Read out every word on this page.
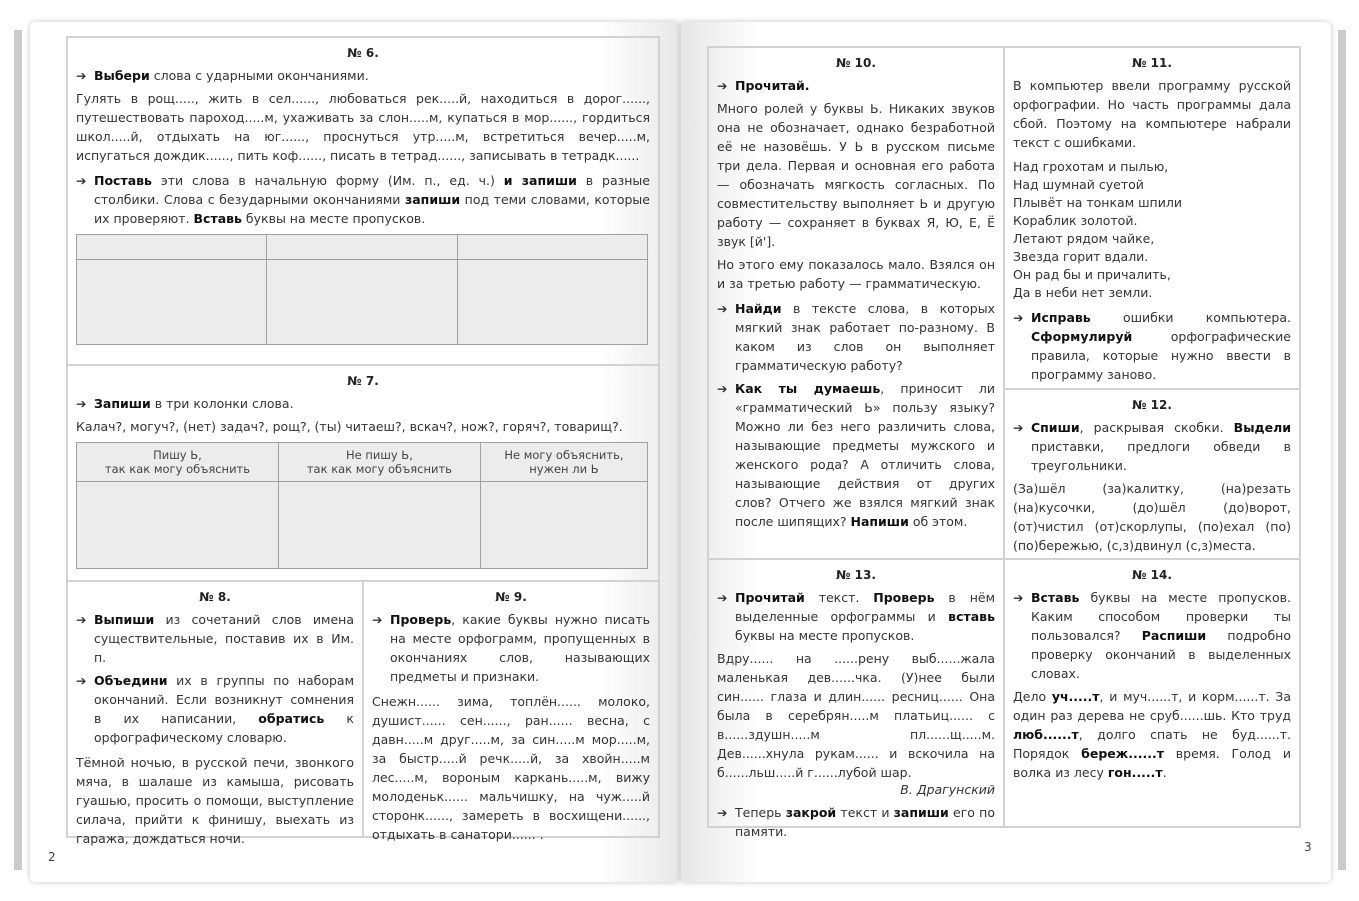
№ 6.
➔ Выбери слова с ударными окончаниями.
Гулять в рощ....., жить в сел......, любоваться рек.....й, находиться в дорог......, путешествовать пароход.....м, ухаживать за слон.....м, купаться в мор......, гордиться школ.....й, отдыхать на юг......, проснуться утр.....м, встретиться вечер.....м, испугаться дождик......, пить коф......, писать в тетрад......, записывать в тетрадк......
➔ Поставь эти слова в начальную форму (Им. п., ед. ч.) и запиши в разные столбики. Слова с безударными окончаниями запиши под теми словами, которые их проверяют. Вставь буквы на месте пропусков.

№ 7.
➔ Запиши в три колонки слова.
Калач?, могуч?, (нет) задач?, рощ?, (ты) читаеш?, вскач?, нож?, горяч?, товарищ?.
Пишу Ь,
так как могу объяснить	Не пишу Ь,
так как могу объяснить	Не могу объяснить,
нужен ли Ь

№ 8.
➔ Выпиши из сочетаний слов имена существительные, поставив их в Им. п.
➔ Объедини их в группы по наборам окончаний. Если возникнут сомнения в их написании, обратись к орфографическому словарю.
Тёмной ночью, в русской печи, звонкого мяча, в шалаше из камыша, рисовать гуашью, просить о помощи, выступление силача, прийти к финишу, выехать из гаража, дождаться ночи.
№ 9.
➔ Проверь, какие буквы нужно писать на месте орфограмм, пропущенных в окончаниях слов, называющих предметы и признаки.
Снежн...... зима, топлён...... молоко, душист...... сен......, ран...... весна, с давн.....м друг.....м, за син.....м мор.....м, за быстр.....й речк.....й, за хвойн.....м лес.....м, вороным каркань.....м, вижу молоденьк...... мальчишку, на чуж.....й сторонк......, замереть в восхищени......, отдыхать в санатори...... .
2
№ 10.
➔ Прочитай.
Много ролей у буквы Ь. Никаких звуков она не обозначает, однако безработной её не назовёшь. У Ь в русском письме три дела. Первая и основная его работа — обозначать мягкость согласных. По совместительству выполняет Ь и другую работу — сохраняет в буквах Я, Ю, Е, Ё звук [й'].
Но этого ему показалось мало. Взялся он и за третью работу — грамматическую.
➔ Найди в тексте слова, в которых мягкий знак работает по-разному. В каком из слов он выполняет грамматическую работу?
➔ Как ты думаешь, приносит ли «грамматический Ь» пользу языку? Можно ли без него различить слова, называющие предметы мужского и женского рода? А отличить слова, называющие действия от других слов? Отчего же взялся мягкий знак после шипящих? Напиши об этом.
№ 11.
В компьютер ввели программу русской орфографии. Но часть программы дала сбой. Поэтому на компьютере набрали текст с ошибками.
Над грохотам и пылью,
Над шумнай суетой
Плывёт на тонкам шпили
Кораблик золотой.
Летают рядом чайке,
Звезда горит вдали.
Он рад бы и причалить,
Да в неби нет земли.
➔ Исправь ошибки компьютера. Сформулируй орфографические правила, которые нужно ввести в программу заново.
№ 12.
➔ Спиши, раскрывая скобки. Выдели приставки, предлоги обведи в треугольники.
(За)шёл (за)калитку, (на)резать (на)кусочки, (до)шёл (до)ворот, (от)чистил (от)скорлупы, (по)ехал (по)(по)бережью, (с,з)двинул (с,з)места.
№ 13.
➔ Прочитай текст. Проверь в нём выделенные орфограммы и вставь буквы на месте пропусков.
Вдру...... на ......рену выб......жала маленькая дев......чка. (У)нее были син...... глаза и длин...... ресниц...... Она была в серебрян.....м платьиц...... с в......здушн.....м пл......щ.....м. Дев......хнула рукам...... и вскочила на б......льш.....й г......лубой шар.
В. Драгунский
➔ Теперь закрой текст и запиши его по памяти.
№ 14.
➔ Вставь буквы на месте пропусков. Каким способом проверки ты пользовался? Распиши подробно проверку окончаний в выделенных словах.
Дело уч.....т, и муч......т, и корм......т. За один раз дерева не сруб......шь. Кто труд люб......т, долго спать не буд......т. Порядок береж......т время. Голод и волка из лесу гон.....т.
3
